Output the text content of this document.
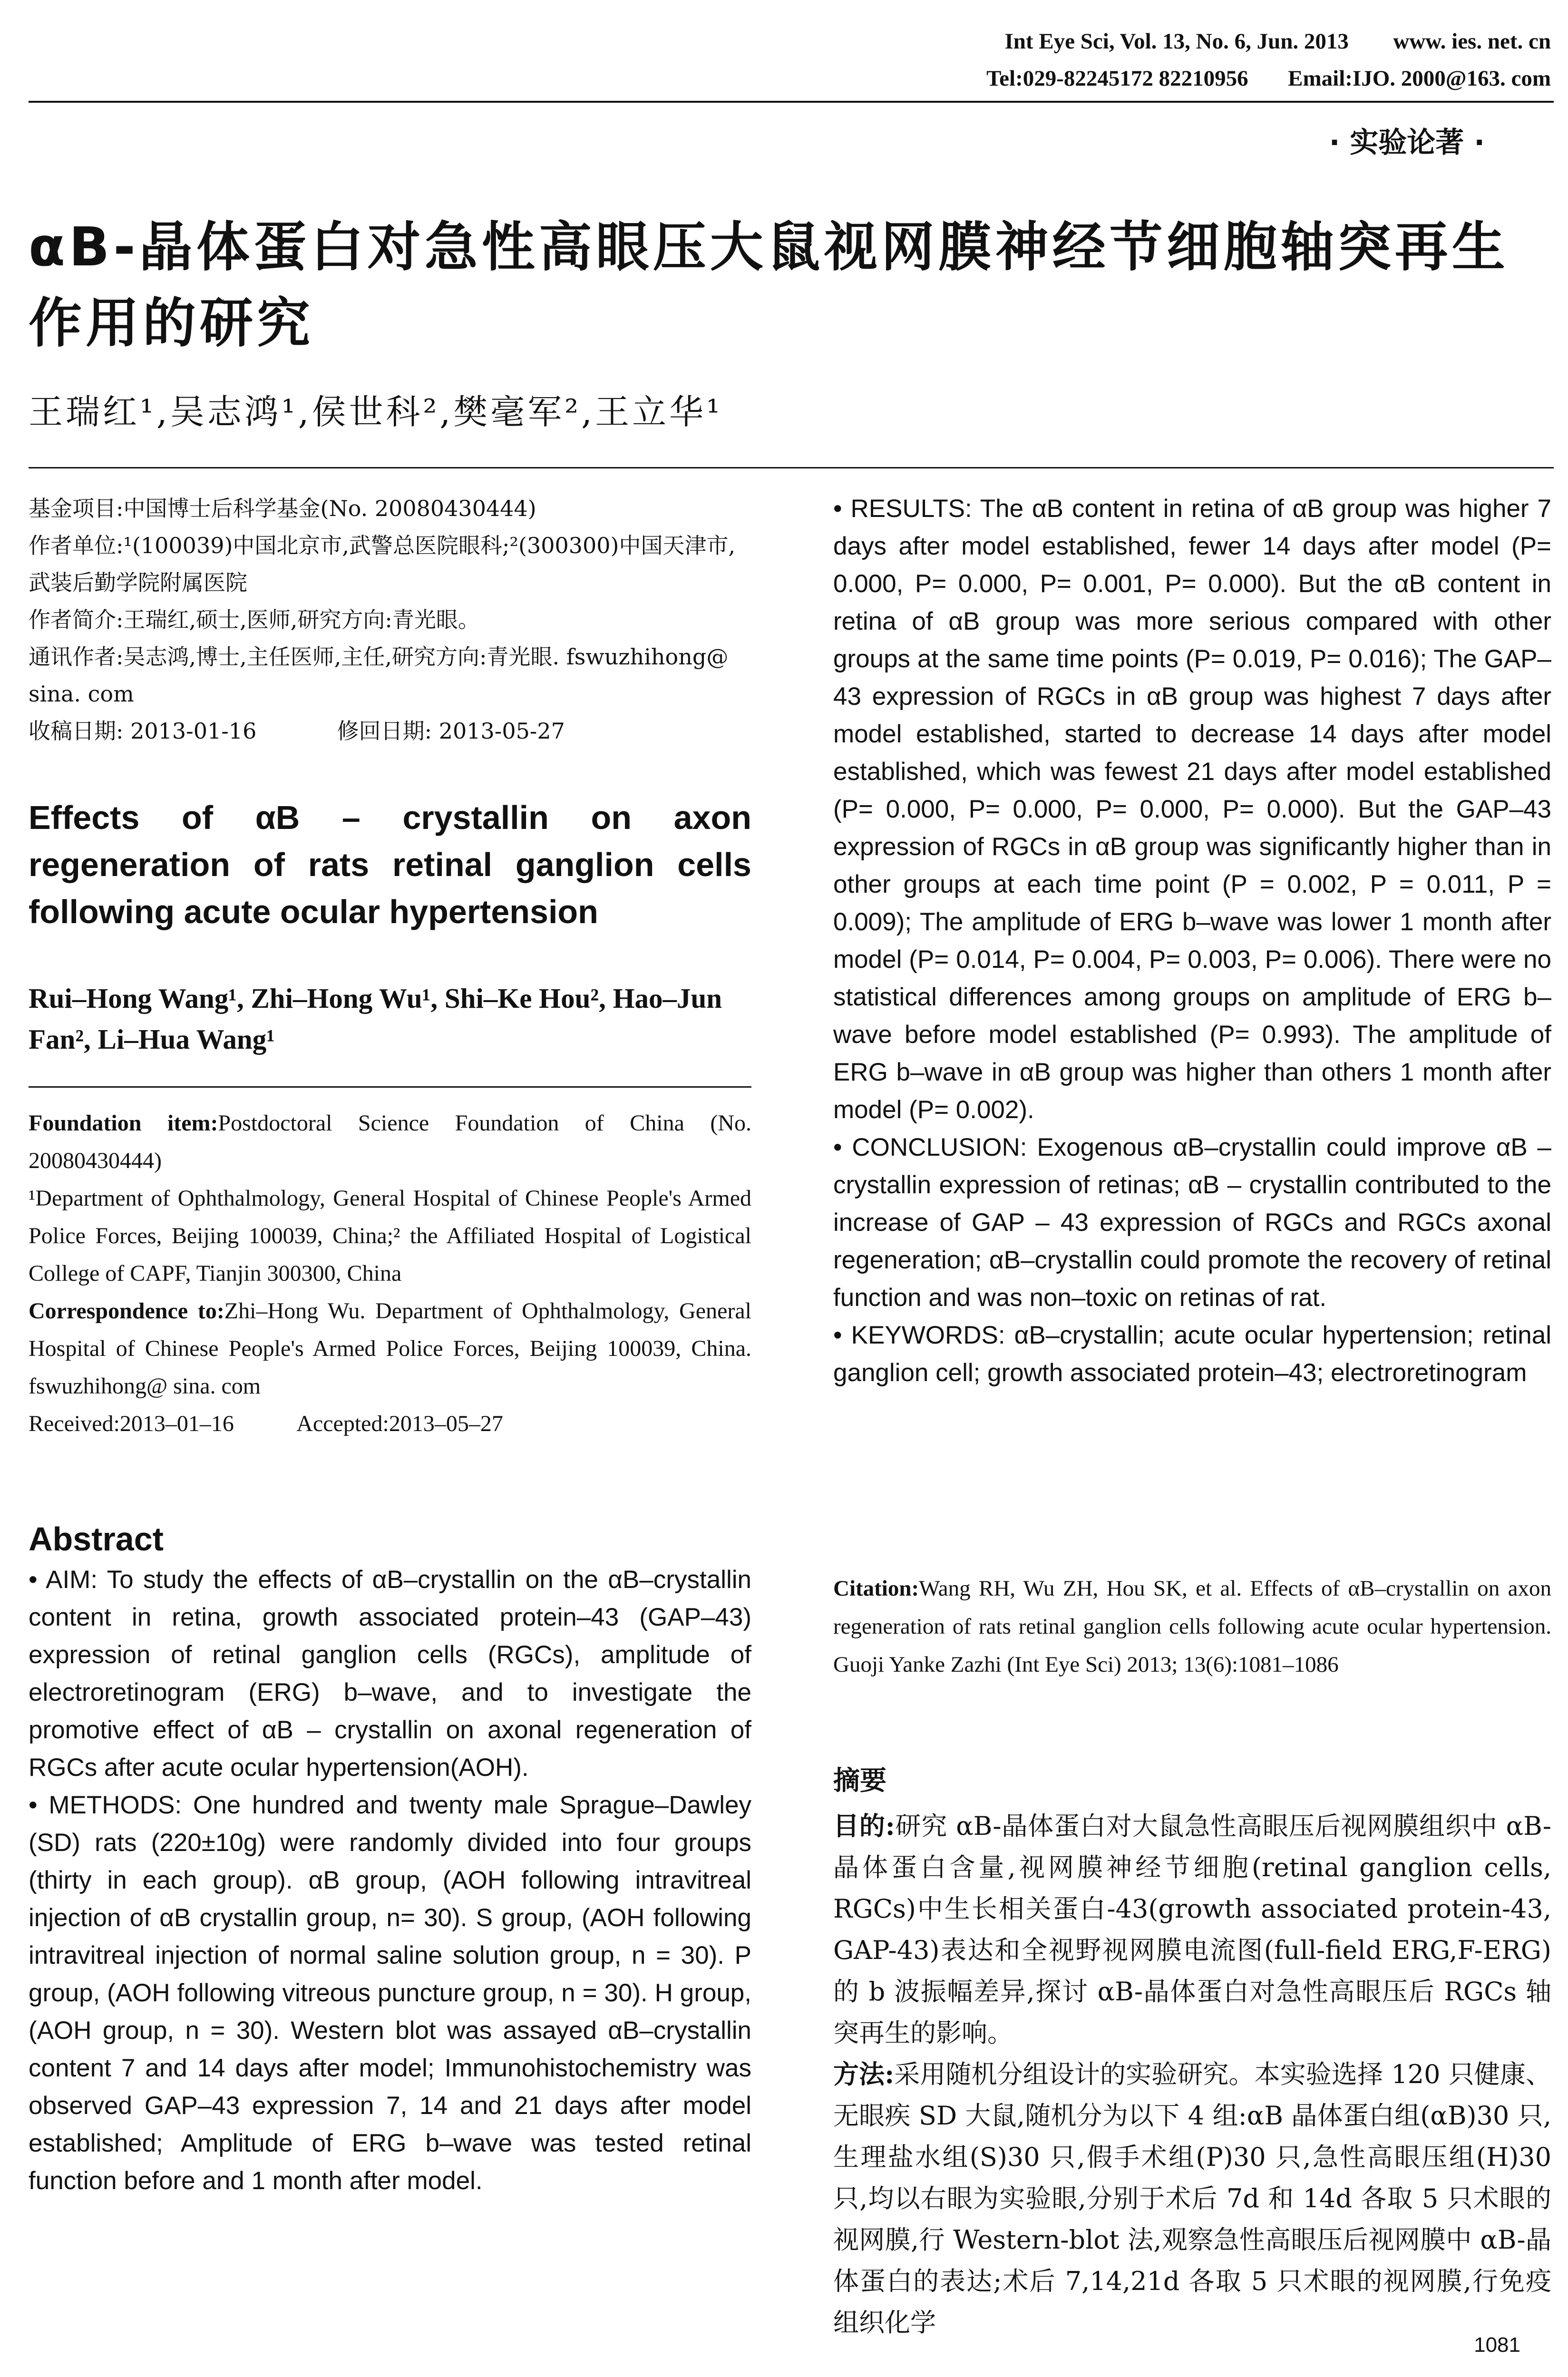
Int Eye Sci, Vol. 13, No. 6, Jun. 2013 www. ies. net. cn
Tel:029-82245172 82210956 Email:IJO. 2000@163. com
· 实验论著 ·
αB-晶体蛋白对急性高眼压大鼠视网膜神经节细胞轴突再生作用的研究
王瑞红¹,吴志鸿¹,侯世科²,樊毫军²,王立华¹
基金项目:中国博士后科学基金(No. 20080430444)
作者单位:¹(100039)中国北京市,武警总医院眼科;²(300300)中国天津市,武装后勤学院附属医院
作者简介:王瑞红,硕士,医师,研究方向:青光眼。
通讯作者:吴志鸿,博士,主任医师,主任,研究方向:青光眼. fswuzhihong@ sina. com
收稿日期: 2013-01-16	修回日期: 2013-05-27
Effects of αB – crystallin on axon regeneration of rats retinal ganglion cells following acute ocular hypertension
Rui–Hong Wang¹, Zhi–Hong Wu¹, Shi–Ke Hou², Hao–Jun Fan², Li–Hua Wang¹
Foundation item:Postdoctoral Science Foundation of China (No. 20080430444)
¹Department of Ophthalmology, General Hospital of Chinese People's Armed Police Forces, Beijing 100039, China;² the Affiliated Hospital of Logistical College of CAPF, Tianjin 300300, China
Correspondence to:Zhi–Hong Wu. Department of Ophthalmology, General Hospital of Chinese People's Armed Police Forces, Beijing 100039, China. fswuzhihong@ sina. com
Received:2013–01–16	Accepted:2013–05–27
Abstract

• AIM: To study the effects of αB–crystallin on the αB–crystallin content in retina, growth associated protein–43 (GAP–43) expression of retinal ganglion cells (RGCs), amplitude of electroretinogram (ERG) b–wave, and to investigate the promotive effect of αB – crystallin on axonal regeneration of RGCs after acute ocular hypertension(AOH).

• METHODS: One hundred and twenty male Sprague–Dawley (SD) rats (220±10g) were randomly divided into four groups (thirty in each group). αB group, (AOH following intravitreal injection of αB crystallin group, n= 30). S group, (AOH following intravitreal injection of normal saline solution group, n = 30). P group, (AOH following vitreous puncture group, n = 30). H group, (AOH group, n = 30). Western blot was assayed αB–crystallin content 7 and 14 days after model; Immunohistochemistry was observed GAP–43 expression 7, 14 and 21 days after model established; Amplitude of ERG b–wave was tested retinal function before and 1 month after model.

• RESULTS: The αB content in retina of αB group was higher 7 days after model established, fewer 14 days after model (P= 0.000, P= 0.000, P= 0.001, P= 0.000). But the αB content in retina of αB group was more serious compared with other groups at the same time points (P= 0.019, P= 0.016); The GAP–43 expression of RGCs in αB group was highest 7 days after model established, started to decrease 14 days after model established, which was fewest 21 days after model established (P= 0.000, P= 0.000, P= 0.000, P= 0.000). But the GAP–43 expression of RGCs in αB group was significantly higher than in other groups at each time point (P = 0.002, P = 0.011, P = 0.009); The amplitude of ERG b–wave was lower 1 month after model (P= 0.014, P= 0.004, P= 0.003, P= 0.006). There were no statistical differences among groups on amplitude of ERG b–wave before model established (P= 0.993). The amplitude of ERG b–wave in αB group was higher than others 1 month after model (P= 0.002).

• CONCLUSION: Exogenous αB–crystallin could improve αB – crystallin expression of retinas; αB – crystallin contributed to the increase of GAP – 43 expression of RGCs and RGCs axonal regeneration; αB–crystallin could promote the recovery of retinal function and was non–toxic on retinas of rat.

• KEYWORDS: αB–crystallin; acute ocular hypertension; retinal ganglion cell; growth associated protein–43; electroretinogram

Citation:Wang RH, Wu ZH, Hou SK, et al. Effects of αB–crystallin on axon regeneration of rats retinal ganglion cells following acute ocular hypertension. Guoji Yanke Zazhi (Int Eye Sci) 2013; 13(6):1081–1086
摘要

目的:研究 αB-晶体蛋白对大鼠急性高眼压后视网膜组织中 αB-晶体蛋白含量,视网膜神经节细胞(retinal ganglion cells, RGCs)中生长相关蛋白-43(growth associated protein-43, GAP-43)表达和全视野视网膜电流图(full-field ERG,F-ERG)的 b 波振幅差异,探讨 αB-晶体蛋白对急性高眼压后 RGCs 轴突再生的影响。

方法:采用随机分组设计的实验研究。本实验选择 120 只健康、无眼疾 SD 大鼠,随机分为以下 4 组:αB 晶体蛋白组(αB)30 只,生理盐水组(S)30 只,假手术组(P)30 只,急性高眼压组(H)30 只,均以右眼为实验眼,分别于术后 7d 和 14d 各取 5 只术眼的视网膜,行 Western-blot 法,观察急性高眼压后视网膜中 αB-晶体蛋白的表达;术后 7,14,21d 各取 5 只术眼的视网膜,行免疫组织化学

1081
